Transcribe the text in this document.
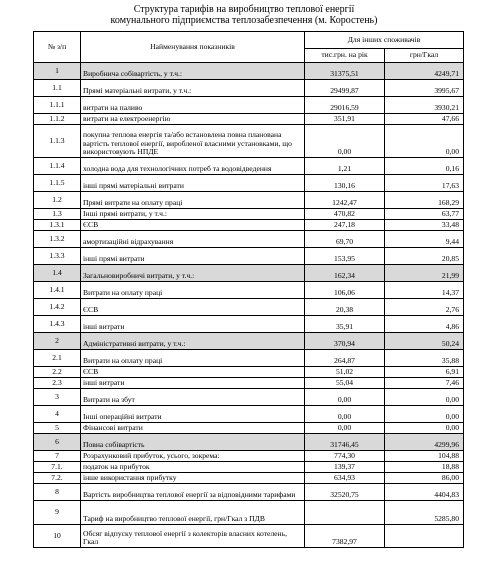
Структура тарифів на виробництво теплової енергії
комунального підприємства теплозабезпечення (м. Коростень)
№ з/п	Найменування показників	Для інших споживачів	
		тис.грн. на рік	грн/Гкал
1	Виробнича собівартість, у т.ч.:	31375,51	4249,71
1.1	Прямі матеріальні витрати, у т.ч.:	29499,87	3995,67
1.1.1	витрати на паливо	29016,59	3930,21
1.1.2	витрати на електроенергію	351,91	47,66
1.1.3	покупна теплова енергія та/або встановлена повна планована вартість теплової енергії, виробленої власними установками, що використовують НПДЕ	0,00	0,00
1.1.4	холодна вода для технологічних потреб та водовідведення	1,21	0,16
1.1.5	інші прямі матеріальні витрати	130,16	17,63
1.2	Прямі витрати на оплату праці	1242,47	168,29
1.3	Інші прямі витрати, у т.ч.:	470,82	63,77
1.3.1	ЄСВ	247,18	33,48
1.3.2	амортизаційні відрахування	69,70	9,44
1.3.3	інші прямі витрати	153,95	20,85
1.4	Загальновиробничі витрати, у т.ч.:	162,34	21,99
1.4.1	Витрати на оплату праці	106,06	14,37
1.4.2	ЄСВ	20,38	2,76
1.4.3	інші витрати	35,91	4,86
2	Адміністративні витрати, у т.ч.:	370,94	50,24
2.1	Витрати на оплату праці	264,87	35,88
2.2	ЄСВ	51,02	6,91
2.3	інші витрати	55,04	7,46
3	Витрати на збут	0,00	0,00
4	Інші операційні витрати	0,00	0,00
5	Фінансові витрати	0,00	0,00
6	Повна собівартість	31746,45	4299,96
7	Розрахунковий прибуток, усього, зокрема:	774,30	104,88
7.1.	податок на прибуток	139,37	18,88
7.2.	інше використання прибутку	634,93	86,00
8	Вартість виробництва теплової енергії за відповідними тарифами	32520,75	4404,83
9	Тариф на виробництво теплової енергії, грн/Гкал з ПДВ		5285,80
10	Обсяг відпуску теплової енергії з колекторів власних котелень, Гкал	7382,97	
